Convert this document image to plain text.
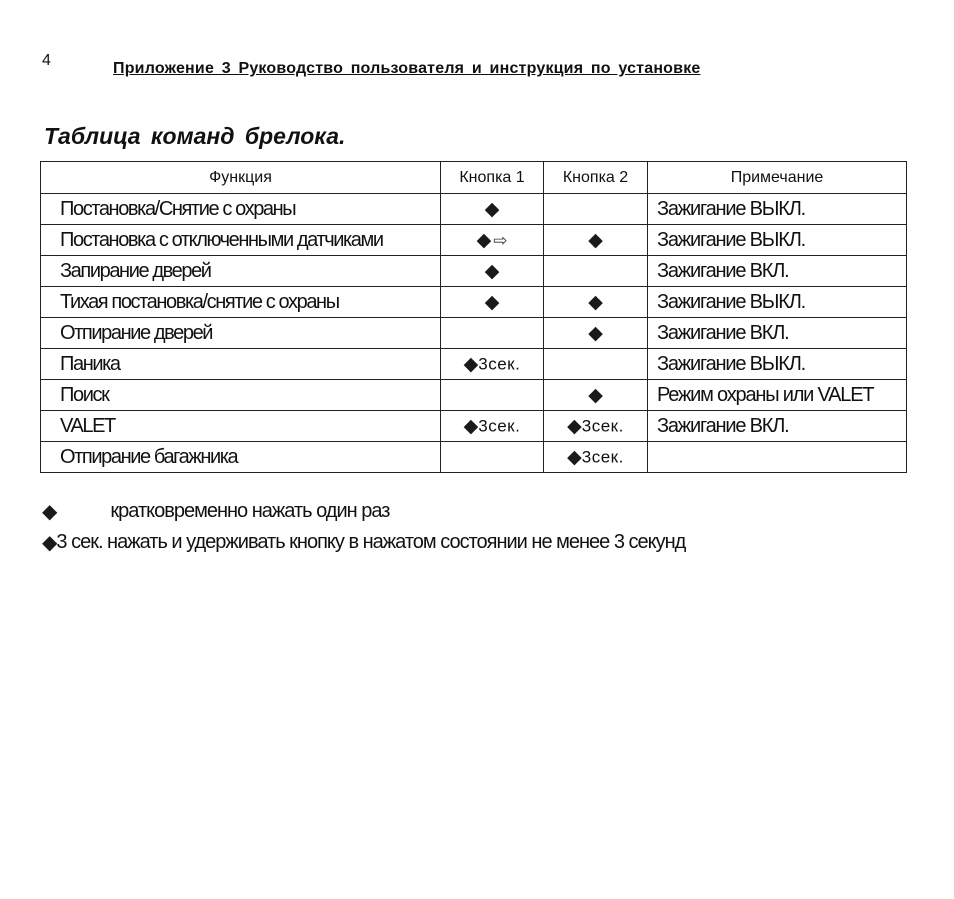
4	Приложение 3 Руководство пользователя и инструкция по установке
Таблица команд брелока.
Функция	Кнопка 1	Кнопка 2	Примечание
Постановка/Снятие с охраны	◆		Зажигание ВЫКЛ.
Постановка с отключенными датчиками	◆ ⇨	◆	Зажигание ВЫКЛ.
Запирание дверей	◆		Зажигание ВКЛ.
Тихая постановка/снятие с охраны	◆	◆	Зажигание ВЫКЛ.
Отпирание дверей		◆	Зажигание ВКЛ.
Паника	◆3сек.		Зажигание ВЫКЛ.
Поиск		◆	Режим охраны или VALET
VALET	◆3сек.	◆3сек.	Зажигание ВКЛ.
Отпирание багажника		◆3сек.	
◆	кратковременно нажать один раз
◆3 сек. нажать и удерживать кнопку в нажатом состоянии не менее 3 секунд
